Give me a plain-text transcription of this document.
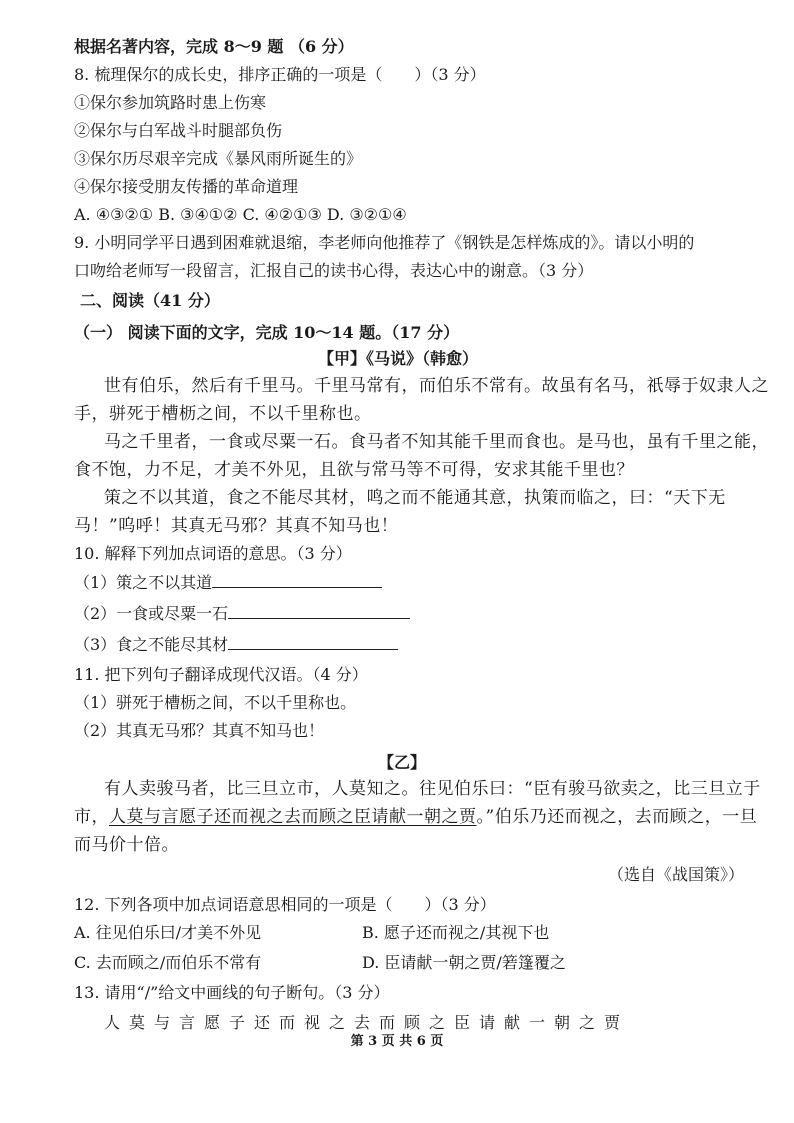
根据名著内容，完成 8～9 题 （6 分）
8. 梳理保尔的成长史，排序正确的一项是（　　）（3 分）
①保尔参加筑路时患上伤寒
②保尔与白军战斗时腿部负伤
③保尔历尽艰辛完成《暴风雨所诞生的》
④保尔接受朋友传播的革命道理
A. ④③②① B. ③④①② C. ④②①③ D. ③②①④
9. 小明同学平日遇到困难就退缩，李老师向他推荐了《钢铁是怎样炼成的》。请以小明的
口吻给老师写一段留言，汇报自己的读书心得，表达心中的谢意。（3 分）
二、阅读（41 分）
（一） 阅读下面的文字，完成 10～14 题。（17 分）
【甲】《马说》（韩愈）
世有伯乐，然后有千里马。千里马常有，而伯乐不常有。故虽有名马，祇辱于奴隶人之
手，骈死于槽枥之间，不以千里称也。
马之千里者，一食或尽粟一石。食马者不知其能千里而食也。是马也，虽有千里之能，
食不饱，力不足，才美不外见，且欲与常马等不可得，安求其能千里也？
策之不以其道，食之不能尽其材，鸣之而不能通其意，执策而临之，曰：“天下无
马！”呜呼！其真无马邪？其真不知马也！
10. 解释下列加点词语的意思。（3 分）
（1）策之不以其道
（2）一食或尽粟一石
（3）食之不能尽其材
11. 把下列句子翻译成现代汉语。（4 分）
（1）骈死于槽枥之间，不以千里称也。
（2）其真无马邪？其真不知马也！
【乙】
有人卖骏马者，比三旦立市，人莫知之。往见伯乐曰：“臣有骏马欲卖之，比三旦立于
市，人莫与言愿子还而视之去而顾之臣请献一朝之贾。”伯乐乃还而视之，去而顾之，一旦
而马价十倍。
（选自《战国策》）
12. 下列各项中加点词语意思相同的一项是（　　）（3 分）
A. 往见伯乐曰/才美不外见	B. 愿子还而视之/其视下也
C. 去而顾之/而伯乐不常有	D. 臣请献一朝之贾/箬篷覆之
13. 请用“/”给文中画线的句子断句。（3 分）
人莫与言愿子还而视之去而顾之臣请献一朝之贾
第 3 页 共 6 页
